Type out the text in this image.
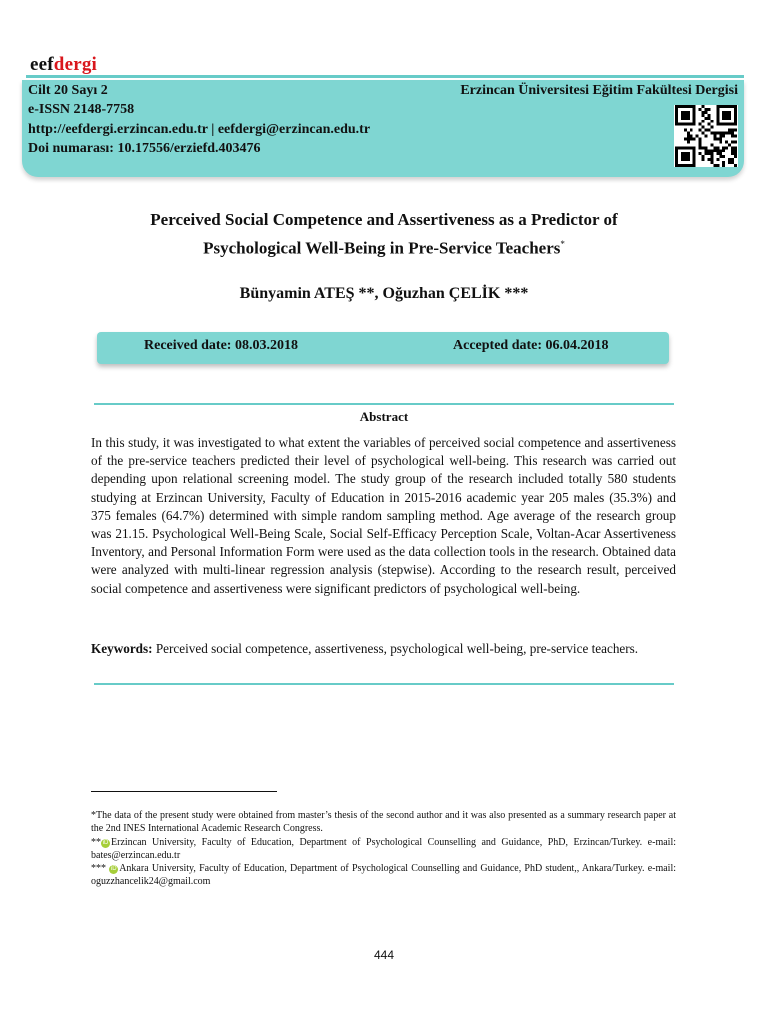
eefdergi
Cilt 20 Sayı 2	Erzincan Üniversitesi Eğitim Fakültesi Dergisi
e-ISSN 2148-7758
http://eefdergi.erzincan.edu.tr | eefdergi@erzincan.edu.tr
Doi numarası: 10.17556/erziefd.403476
Perceived Social Competence and Assertiveness as a Predictor of
Psychological Well-Being in Pre-Service Teachers*
Bünyamin ATEŞ **, Oğuzhan ÇELİK ***
Received date: 08.03.2018	Accepted date: 06.04.2018
Abstract
In this study, it was investigated to what extent the variables of perceived social competence and assertiveness of the pre-service teachers predicted their level of psychological well-being. This research was carried out depending upon relational screening model. The study group of the research included totally 580 students studying at Erzincan University, Faculty of Education in 2015-2016 academic year 205 males (35.3%) and 375 females (64.7%) determined with simple random sampling method. Age average of the research group was 21.15. Psychological Well-Being Scale, Social Self-Efficacy Perception Scale, Voltan-Acar Assertiveness Inventory, and Personal Information Form were used as the data collection tools in the research. Obtained data were analyzed with multi-linear regression analysis (stepwise). According to the research result, perceived social competence and assertiveness were significant predictors of psychological well-being.
Keywords: Perceived social competence, assertiveness, psychological well-being, pre-service teachers.

*The data of the present study were obtained from master’s thesis of the second author and it was also presented as a summary research paper at the 2nd INES International Academic Research Congress.

** iD Erzincan University, Faculty of Education, Department of Psychological Counselling and Guidance, PhD, Erzincan/Turkey. e-mail: bates@erzincan.edu.tr

*** iD Ankara University, Faculty of Education, Department of Psychological Counselling and Guidance, PhD student,, Ankara/Turkey. e-mail: oguzzhancelik24@gmail.com

444
